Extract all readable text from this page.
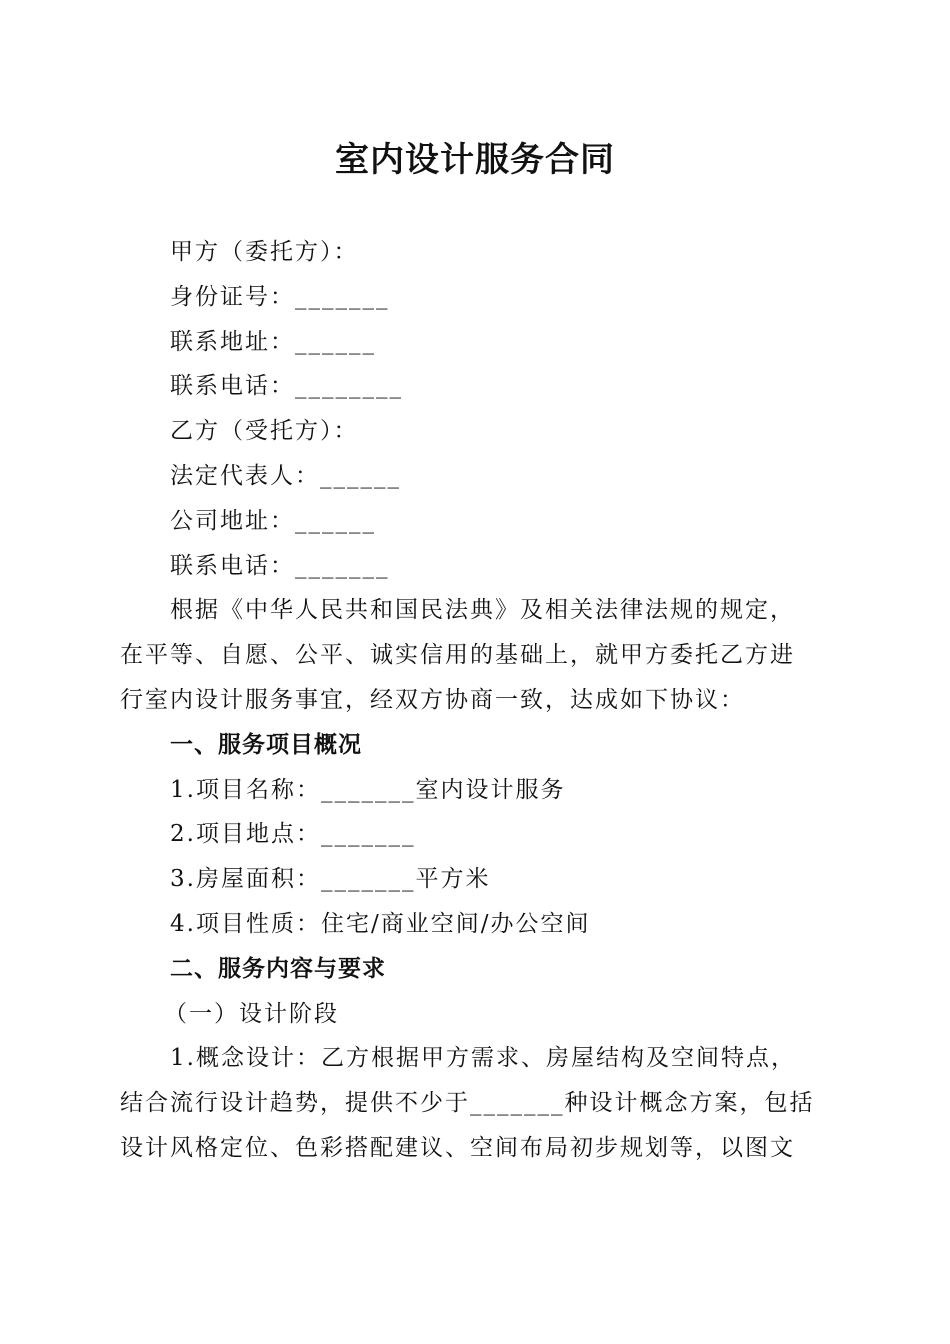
室内设计服务合同
甲方（委托方）：
身份证号：_______
联系地址：______
联系电话：________
乙方（受托方）：
法定代表人：______
公司地址：______
联系电话：_______
根据《中华人民共和国民法典》及相关法律法规的规定，
在平等、自愿、公平、诚实信用的基础上，就甲方委托乙方进
行室内设计服务事宜，经双方协商一致，达成如下协议：
一、服务项目概况
1.项目名称：_______室内设计服务
2.项目地点：_______
3.房屋面积：_______平方米
4.项目性质：住宅/商业空间/办公空间
二、服务内容与要求
（一）设计阶段
1.概念设计：乙方根据甲方需求、房屋结构及空间特点，
结合流行设计趋势，提供不少于_______种设计概念方案，包括
设计风格定位、色彩搭配建议、空间布局初步规划等，以图文
